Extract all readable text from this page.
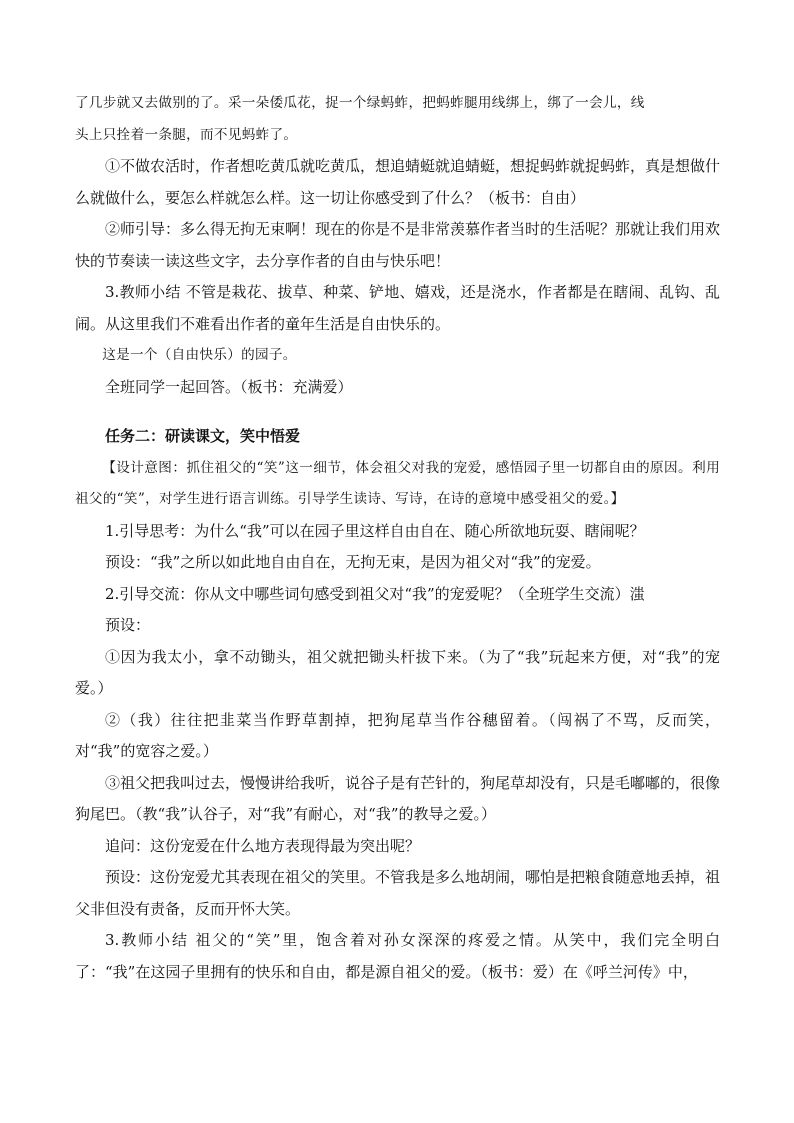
了几步就又去做别的了。采一朵倭瓜花，捉一个绿蚂蚱，把蚂蚱腿用线绑上，绑了一会儿，线

头上只拴着一条腿，而不见蚂蚱了。

①不做农活时，作者想吃黄瓜就吃黄瓜，想追蜻蜓就追蜻蜓，想捉蚂蚱就捉蚂蚱，真是想做什么就做什么，要怎么样就怎么样。这一切让你感受到了什么？（板书：自由）

②师引导：多么得无拘无束啊！现在的你是不是非常羡慕作者当时的生活呢？那就让我们用欢快的节奏读一读这些文字，去分享作者的自由与快乐吧！

3.教师小结 不管是栽花、拔草、种菜、铲地、嬉戏，还是浇水，作者都是在瞎闹、乱钩、乱闹。从这里我们不难看出作者的童年生活是自由快乐的。

这是一个（自由快乐）的园子。

全班同学一起回答。（板书：充满爱）

任务二：研读课文，笑中悟爱

【设计意图：抓住祖父的“笑”这一细节，体会祖父对我的宠爱，感悟园子里一切都自由的原因。利用祖父的“笑”，对学生进行语言训练。引导学生读诗、写诗，在诗的意境中感受祖父的爱。】

1.引导思考：为什么“我”可以在园子里这样自由自在、随心所欲地玩耍、瞎闹呢？

预设：“我”之所以如此地自由自在，无拘无束，是因为祖父对“我”的宠爱。

2.引导交流：你从文中哪些词句感受到祖父对“我”的宠爱呢？（全班学生交流）滍

预设：

①因为我太小，拿不动锄头，祖父就把锄头杆拔下来。（为了“我”玩起来方便，对“我”的宠爱。）

②（我）往往把韭菜当作野草割掉，把狗尾草当作谷穗留着。（闯祸了不骂，反而笑，对“我”的宽容之爱。）

③祖父把我叫过去，慢慢讲给我听，说谷子是有芒针的，狗尾草却没有，只是毛嘟嘟的，很像狗尾巴。（教“我”认谷子，对“我”有耐心，对“我”的教导之爱。）

追问：这份宠爱在什么地方表现得最为突出呢？

预设：这份宠爱尤其表现在祖父的笑里。不管我是多么地胡闹，哪怕是把粮食随意地丢掉，祖父非但没有责备，反而开怀大笑。

3.教师小结 祖父的“笑”里，饱含着对孙女深深的疼爱之情。从笑中，我们完全明白了：“我”在这园子里拥有的快乐和自由，都是源自祖父的爱。（板书：爱）在《呼兰河传》中，
